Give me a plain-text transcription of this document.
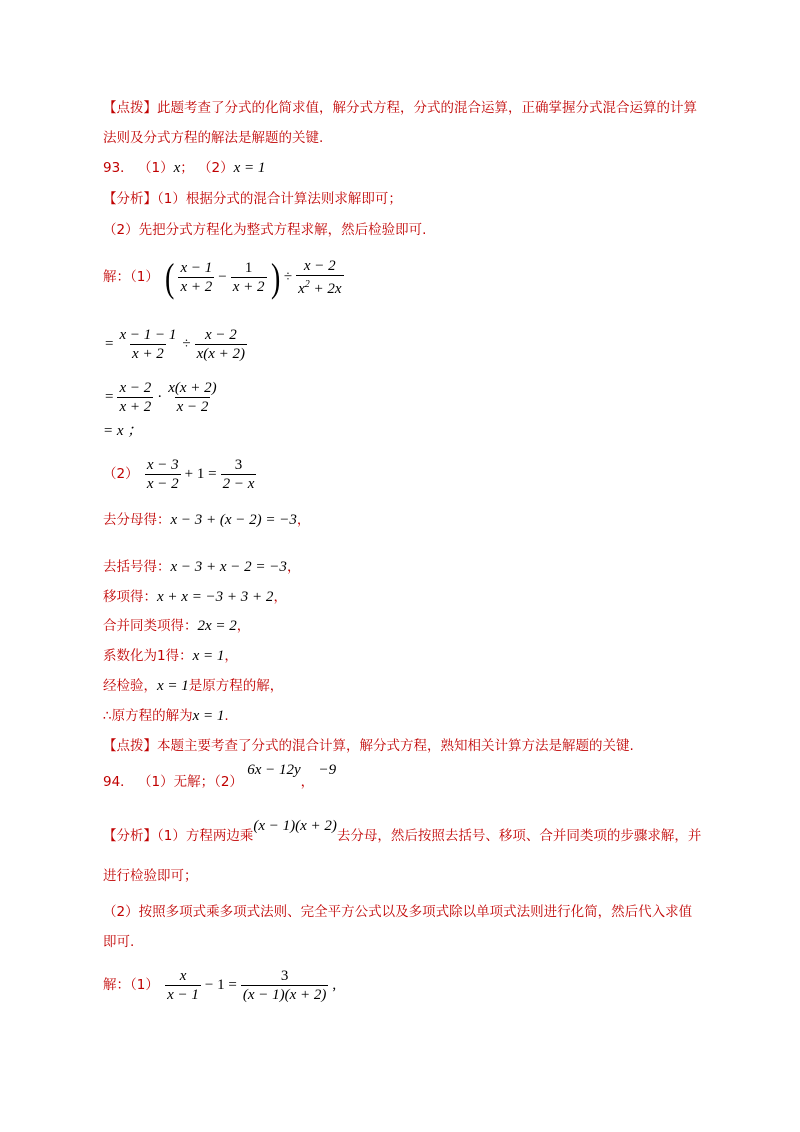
【点拨】此题考查了分式的化简求值，解分式方程，分式的混合运算，正确掌握分式混合运算的计算
法则及分式方程的解法是解题的关键.
93． （1）x； （2）x = 1
【分析】（1）根据分式的混合计算法则求解即可；
（2）先把分式方程化为整式方程求解，然后检验即可.
解：（1） ( $\frac{x - 1}{x + 2} - \frac{1}{x + 2}$ ) ÷ $\frac{x - 2}{x^2 + 2x}$
= $\frac{x - 1 - 1}{x + 2} \div \frac{x - 2}{x(x + 2)}$
= $\frac{x - 2}{x + 2} \cdot \frac{x(x + 2)}{x - 2}$
= x ；
$(2) \frac{x - 3}{x - 2} + 1 = \frac{3}{2 - x}$
去分母得：x − 3 + (x − 2) = −3，
去括号得：x − 3 + x − 2 = −3，
移项得：x + x = −3 + 3 + 2，
合并同类项得：2x = 2，
系数化为1得：x = 1，
经检验，x = 1是原方程的解，
∴原方程的解为x = 1.
【点拨】本题主要考查了分式的混合计算，解分式方程，熟知相关计算方法是解题的关键.
94． （1）无解；（2） 6x − 12y， −9
【分析】（1）方程两边乘(x − 1)(x + 2)去分母，然后按照去括号、移项、合并同类项的步骤求解，并
进行检验即可；
（2）按照多项式乘多项式法则、完全平方公式以及多项式除以单项式法则进行化简，然后代入求值
即可.
解：$(1) \frac{x}{x - 1} - 1 = \frac{3}{(x - 1)(x + 2)}$ ,
